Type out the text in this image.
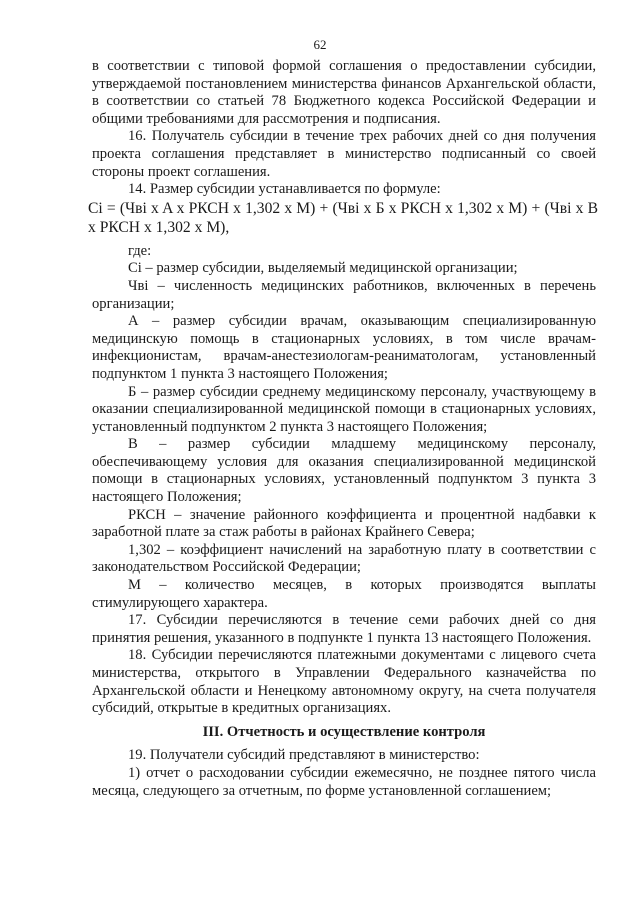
62

в соответствии с типовой формой соглашения о предоставлении субсидии, утверждаемой постановлением министерства финансов Архангельской области, в соответствии со статьей 78 Бюджетного кодекса Российской Федерации и общими требованиями для рассмотрения и подписания.

16. Получатель субсидии в течение трех рабочих дней со дня получения проекта соглашения представляет в министерство подписанный со своей стороны проект соглашения.

14. Размер субсидии устанавливается по формуле:

Ci = (Чві x A x РКСН x 1,302 x M) + (Чві x Б x РКСН x 1,302 x M) + (Чві x В x РКСН x 1,302 x M),

где:

Ci – размер субсидии, выделяемый медицинской организации;

Чві – численность медицинских работников, включенных в перечень организации;

А – размер субсидии врачам, оказывающим специализированную медицинскую помощь в стационарных условиях, в том числе врачам-инфекционистам, врачам-анестезиологам-реаниматологам, установленный подпунктом 1 пункта 3 настоящего Положения;

Б – размер субсидии среднему медицинскому персоналу, участвующему в оказании специализированной медицинской помощи в стационарных условиях, установленный подпунктом 2 пункта 3 настоящего Положения;

В – размер субсидии младшему медицинскому персоналу, обеспечивающему условия для оказания специализированной медицинской помощи в стационарных условиях, установленный подпунктом 3 пункта 3 настоящего Положения;

РКСН – значение районного коэффициента и процентной надбавки к заработной плате за стаж работы в районах Крайнего Севера;

1,302 – коэффициент начислений на заработную плату в соответствии с законодательством Российской Федерации;

М – количество месяцев, в которых производятся выплаты стимулирующего характера.

17. Субсидии перечисляются в течение семи рабочих дней со дня принятия решения, указанного в подпункте 1 пункта 13 настоящего Положения.

18. Субсидии перечисляются платежными документами с лицевого счета министерства, открытого в Управлении Федерального казначейства по Архангельской области и Ненецкому автономному округу, на счета получателя субсидий, открытые в кредитных организациях.

III. Отчетность и осуществление контроля

19. Получатели субсидий представляют в министерство:

1) отчет о расходовании субсидии ежемесячно, не позднее пятого числа месяца, следующего за отчетным, по форме установленной соглашением;
